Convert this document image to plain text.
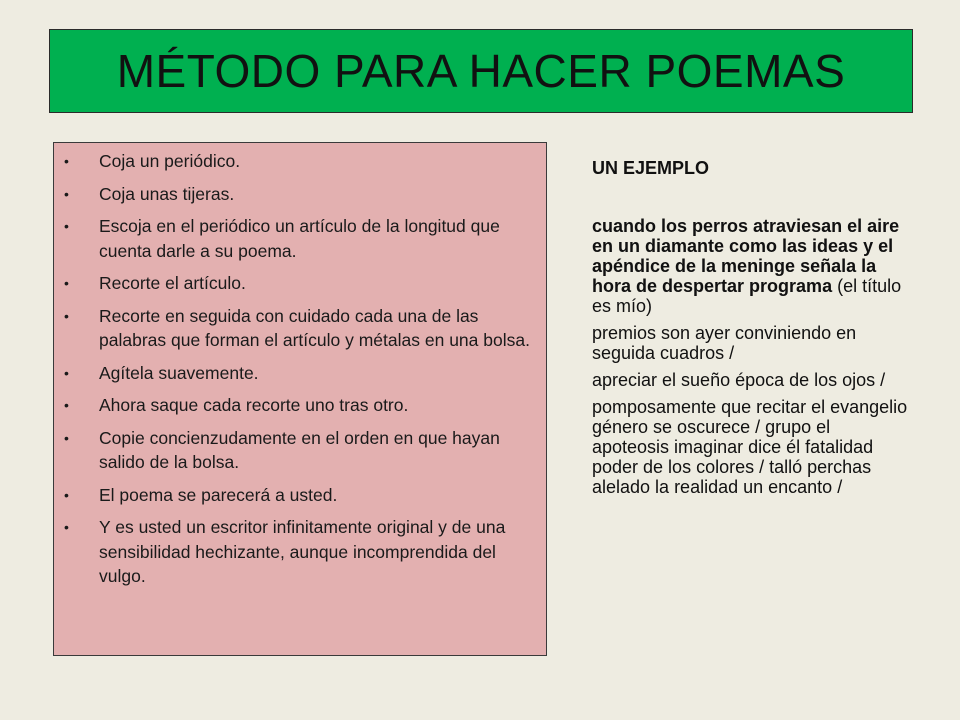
MÉTODO PARA HACER POEMAS
• Coja un periódico.
• Coja unas tijeras.
• Escoja en el periódico un artículo de la longitud que cuenta darle a su poema.
• Recorte el artículo.
• Recorte en seguida con cuidado cada una de las palabras que forman el artículo y métalas en una bolsa.
• Agítela suavemente.
• Ahora saque cada recorte uno tras otro.
• Copie concienzudamente en el orden en que hayan salido de la bolsa.
• El poema se parecerá a usted.
• Y es usted un escritor infinitamente original y de una sensibilidad hechizante, aunque incomprendida del vulgo.

UN EJEMPLO

cuando los perros atraviesan el aire en un diamante como las ideas y el apéndice de la meninge señala la hora de despertar programa (el título es mío)

premios son ayer conviniendo en seguida cuadros /

apreciar el sueño época de los ojos /

pomposamente que recitar el evangelio género se oscurece / grupo el apoteosis imaginar dice él fatalidad poder de los colores / talló perchas alelado la realidad un encanto /
